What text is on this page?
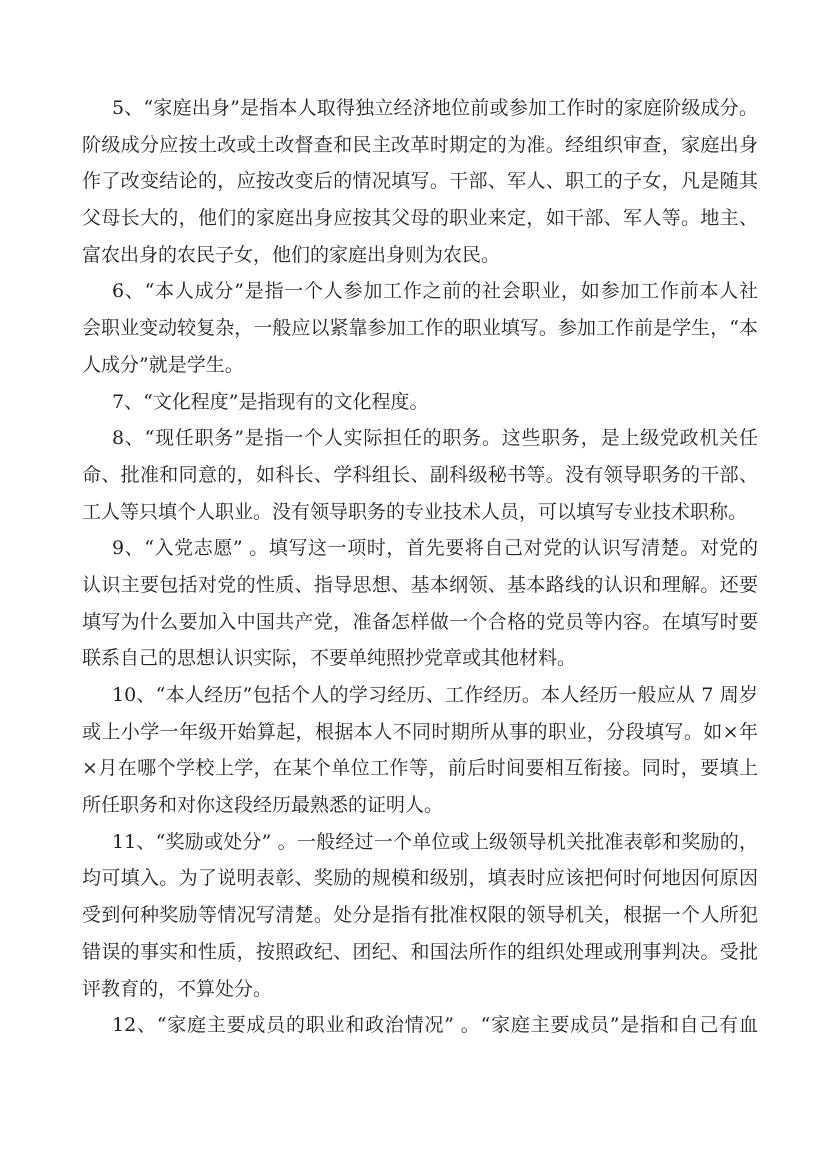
5、“家庭出身”是指本人取得独立经济地位前或参加工作时的家庭阶级成分。
阶级成分应按土改或土改督查和民主改革时期定的为准。经组织审查，家庭出身
作了改变结论的，应按改变后的情况填写。干部、军人、职工的子女，凡是随其
父母长大的，他们的家庭出身应按其父母的职业来定，如干部、军人等。地主、
富农出身的农民子女，他们的家庭出身则为农民。
6、“本人成分”是指一个人参加工作之前的社会职业，如参加工作前本人社
会职业变动较复杂，一般应以紧靠参加工作的职业填写。参加工作前是学生，“本
人成分”就是学生。
7、“文化程度”是指现有的文化程度。
8、“现任职务”是指一个人实际担任的职务。这些职务，是上级党政机关任
命、批准和同意的，如科长、学科组长、副科级秘书等。没有领导职务的干部、
工人等只填个人职业。没有领导职务的专业技术人员，可以填写专业技术职称。
9、“入党志愿” 。填写这一项时，首先要将自己对党的认识写清楚。对党的
认识主要包括对党的性质、指导思想、基本纲领、基本路线的认识和理解。还要
填写为什么要加入中国共产党，准备怎样做一个合格的党员等内容。在填写时要
联系自己的思想认识实际，不要单纯照抄党章或其他材料。
10、“本人经历”包括个人的学习经历、工作经历。本人经历一般应从 7 周岁
或上小学一年级开始算起，根据本人不同时期所从事的职业，分段填写。如×年
×月在哪个学校上学，在某个单位工作等，前后时间要相互衔接。同时，要填上
所任职务和对你这段经历最熟悉的证明人。
11、“奖励或处分” 。一般经过一个单位或上级领导机关批准表彰和奖励的，
均可填入。为了说明表彰、奖励的规模和级别，填表时应该把何时何地因何原因
受到何种奖励等情况写清楚。处分是指有批准权限的领导机关，根据一个人所犯
错误的事实和性质，按照政纪、团纪、和国法所作的组织处理或刑事判决。受批
评教育的，不算处分。
12、“家庭主要成员的职业和政治情况” 。“家庭主要成员”是指和自己有血
